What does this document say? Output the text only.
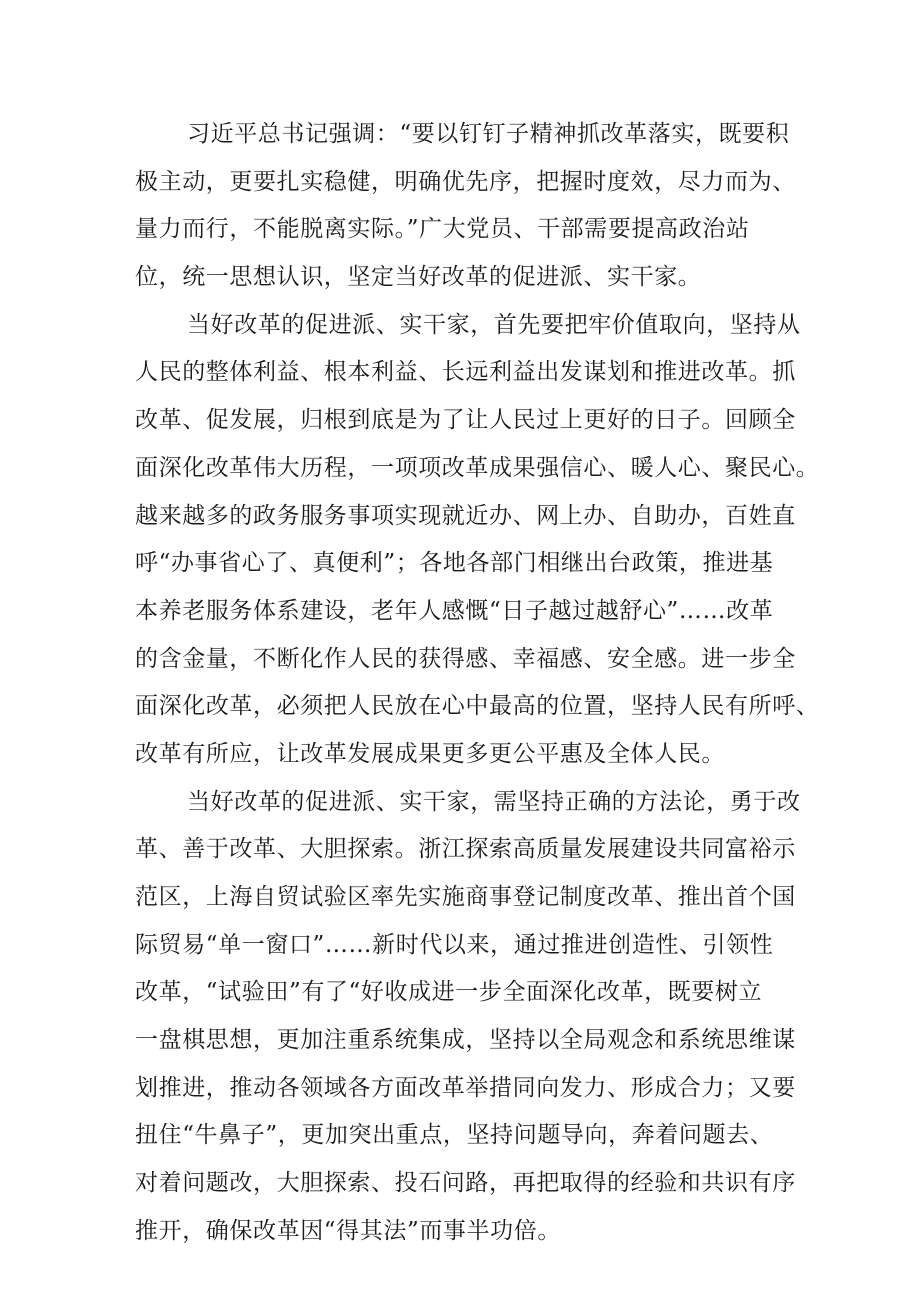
习近平总书记强调：“要以钉钉子精神抓改革落实，既要积
极主动，更要扎实稳健，明确优先序，把握时度效，尽力而为、
量力而行，不能脱离实际。”广大党员、干部需要提高政治站
位，统一思想认识，坚定当好改革的促进派、实干家。
当好改革的促进派、实干家，首先要把牢价值取向，坚持从
人民的整体利益、根本利益、长远利益出发谋划和推进改革。抓
改革、促发展，归根到底是为了让人民过上更好的日子。回顾全
面深化改革伟大历程，一项项改革成果强信心、暖人心、聚民心。
越来越多的政务服务事项实现就近办、网上办、自助办，百姓直
呼“办事省心了、真便利”；各地各部门相继出台政策，推进基
本养老服务体系建设，老年人感慨“日子越过越舒心”……改革
的含金量，不断化作人民的获得感、幸福感、安全感。进一步全
面深化改革，必须把人民放在心中最高的位置，坚持人民有所呼、
改革有所应，让改革发展成果更多更公平惠及全体人民。
当好改革的促进派、实干家，需坚持正确的方法论，勇于改
革、善于改革、大胆探索。浙江探索高质量发展建设共同富裕示
范区，上海自贸试验区率先实施商事登记制度改革、推出首个国
际贸易“单一窗口”……新时代以来，通过推进创造性、引领性
改革，“试验田”有了“好收成进一步全面深化改革，既要树立
一盘棋思想，更加注重系统集成，坚持以全局观念和系统思维谋
划推进，推动各领域各方面改革举措同向发力、形成合力；又要
扭住“牛鼻子”，更加突出重点，坚持问题导向，奔着问题去、
对着问题改，大胆探索、投石问路，再把取得的经验和共识有序
推开，确保改革因“得其法”而事半功倍。
